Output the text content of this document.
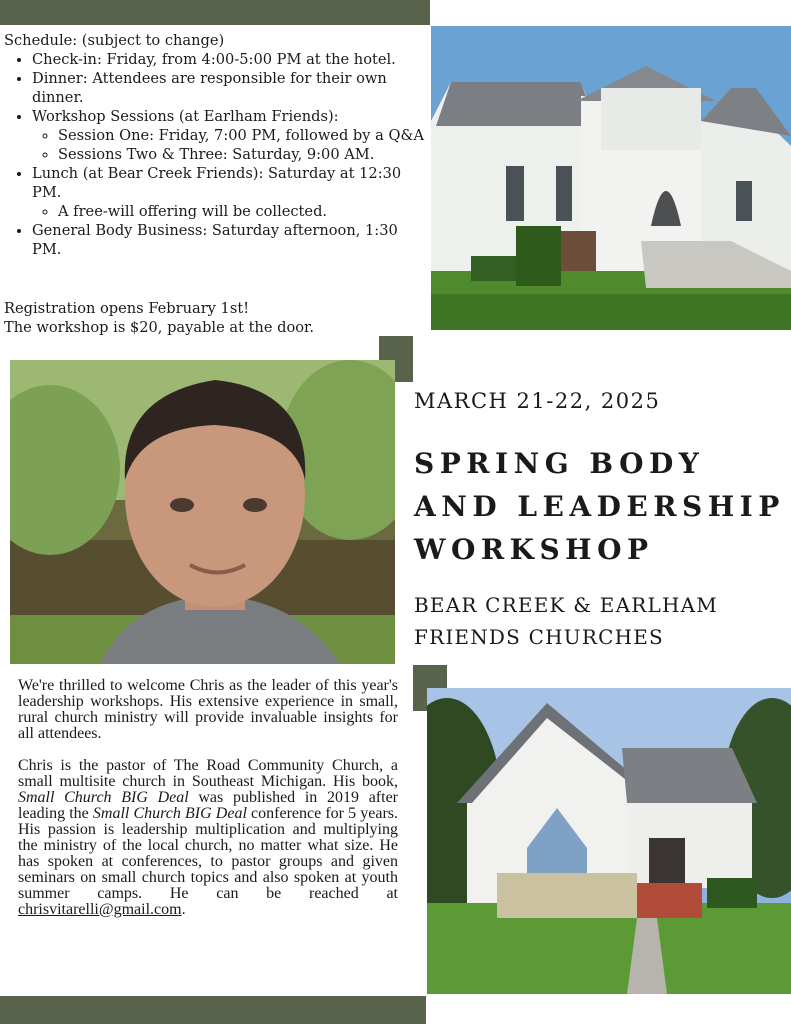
Schedule: (subject to change)
• Check-in: Friday, from 4:00-5:00 PM at the hotel.
• Dinner: Attendees are responsible for their own dinner.
• Workshop Sessions (at Earlham Friends):
◦ Session One: Friday, 7:00 PM, followed by a Q&A
◦ Sessions Two & Three: Saturday, 9:00 AM.
• Lunch (at Bear Creek Friends): Saturday at 12:30 PM.
◦ A free-will offering will be collected.
• General Body Business: Saturday afternoon, 1:30 PM.
Registration opens February 1st!
The workshop is $20, payable at the door.
MARCH 21-22, 2025
SPRING BODY
AND LEADERSHIP
WORKSHOP
BEAR CREEK & EARLHAM
FRIENDS CHURCHES

We're thrilled to welcome Chris as the leader of this year's leadership workshops. His extensive experience in small, rural church ministry will provide invaluable insights for all attendees.

Chris is the pastor of The Road Community Church, a small multisite church in Southeast Michigan. His book, Small Church BIG Deal was published in 2019 after leading the Small Church BIG Deal conference for 5 years. His passion is leadership multiplication and multiplying the ministry of the local church, no matter what size. He has spoken at conferences, to pastor groups and given seminars on small church topics and also spoken at youth summer camps. He can be reached at chrisvitarelli@gmail.com.
